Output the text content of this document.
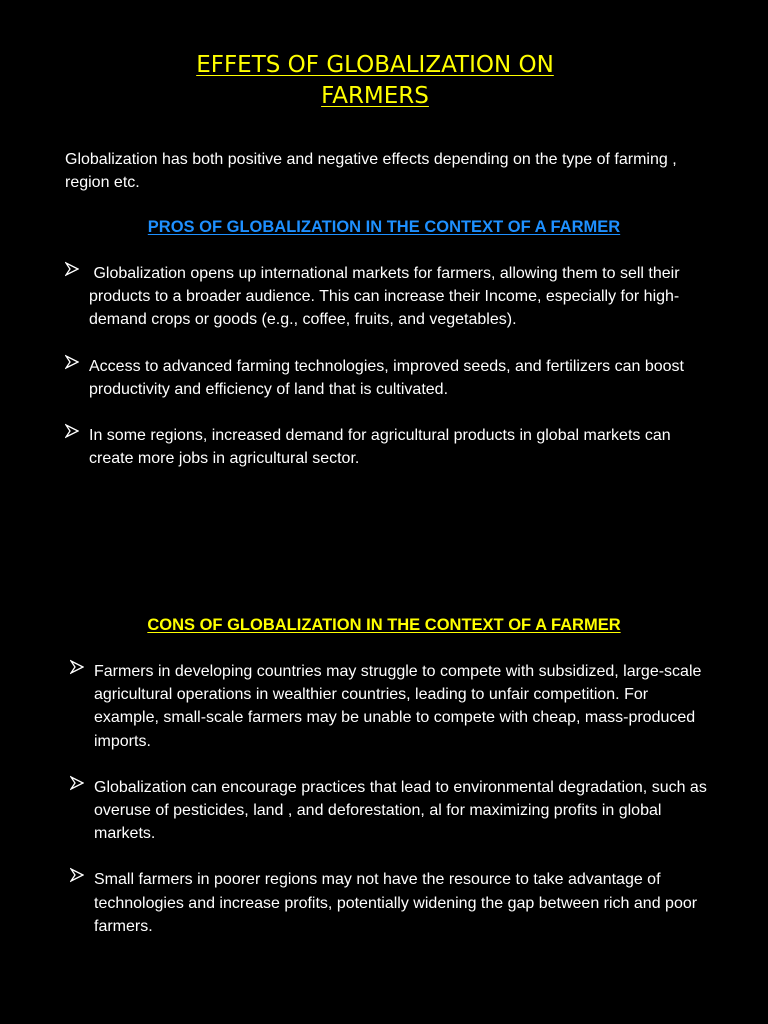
EFFETS OF GLOBALIZATION ON
FARMERS

Globalization has both positive and negative effects depending on the type of farming , region etc.

PROS OF GLOBALIZATION IN THE CONTEXT OF A FARMER
Globalization opens up international markets for farmers, allowing them to sell their products to a broader audience. This can increase their Income, especially for high-demand crops or goods (e.g., coffee, fruits, and vegetables).
Access to advanced farming technologies, improved seeds, and fertilizers can boost productivity and efficiency of land that is cultivated.
In some regions, increased demand for agricultural products in global markets can create more jobs in agricultural sector.
CONS OF GLOBALIZATION IN THE CONTEXT OF A FARMER
Farmers in developing countries may struggle to compete with subsidized, large-scale agricultural operations in wealthier countries, leading to unfair competition. For example, small-scale farmers may be unable to compete with cheap, mass-produced imports.
Globalization can encourage practices that lead to environmental degradation, such as overuse of pesticides, land , and deforestation, al for maximizing profits in global markets.
Small farmers in poorer regions may not have the resource to take advantage of technologies and increase profits, potentially widening the gap between rich and poor farmers.
